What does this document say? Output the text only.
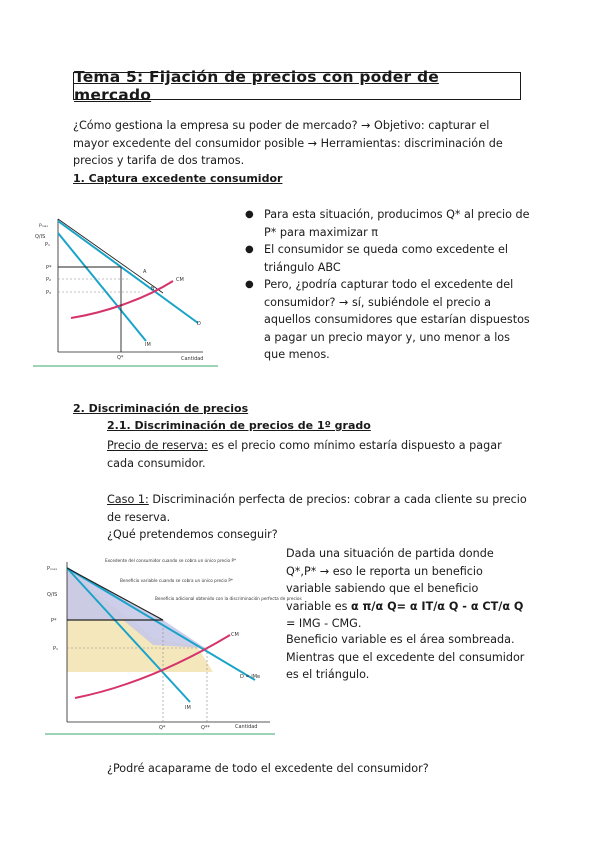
Tema 5: Fijación de precios con poder de mercado
¿Cómo gestiona la empresa su poder de mercado? → Objetivo: capturar el mayor excedente del consumidor posible → Herramientas: discriminación de precios y tarifa de dos tramos.
1. Captura excedente consumidor
Pₘₐₓ
Q/IS
P₁
P*
P₂
P₃
Q*	Cantidad
A
B
CM
D
IM
● Para esta situación, producimos Q* al precio de P* para maximizar π
● El consumidor se queda como excedente el triángulo ABC
● Pero, ¿podría capturar todo el excedente del consumidor? → sí, subiéndole el precio a aquellos consumidores que estarían dispuestos a pagar un precio mayor y, uno menor a los que menos.
2. Discriminación de precios
2.1. Discriminación de precios de 1º grado
Precio de reserva: es el precio como mínimo estaría dispuesto a pagar cada consumidor.
Caso 1: Discriminación perfecta de precios: cobrar a cada cliente su precio de reserva.
¿Qué pretendemos conseguir?
Excedente del consumidor cuando se cobra un único precio P*
Beneficio variable cuando se cobra un único precio P*
Beneficio adicional obtenido con la discriminación perfecta de precios
Pₘₐₓ
Q/IS
P*
P₁
Q*	Q**	Cantidad
CM
D = IMe
IM
Dada una situación de partida donde Q*,P* → eso le reporta un beneficio variable sabiendo que el beneficio variable es α π/α Q= α IT/α Q - α CT/α Q = IMG - CMG.
Beneficio variable es el área sombreada. Mientras que el excedente del consumidor es el triángulo.
¿Podré acaparame de todo el excedente del consumidor?
